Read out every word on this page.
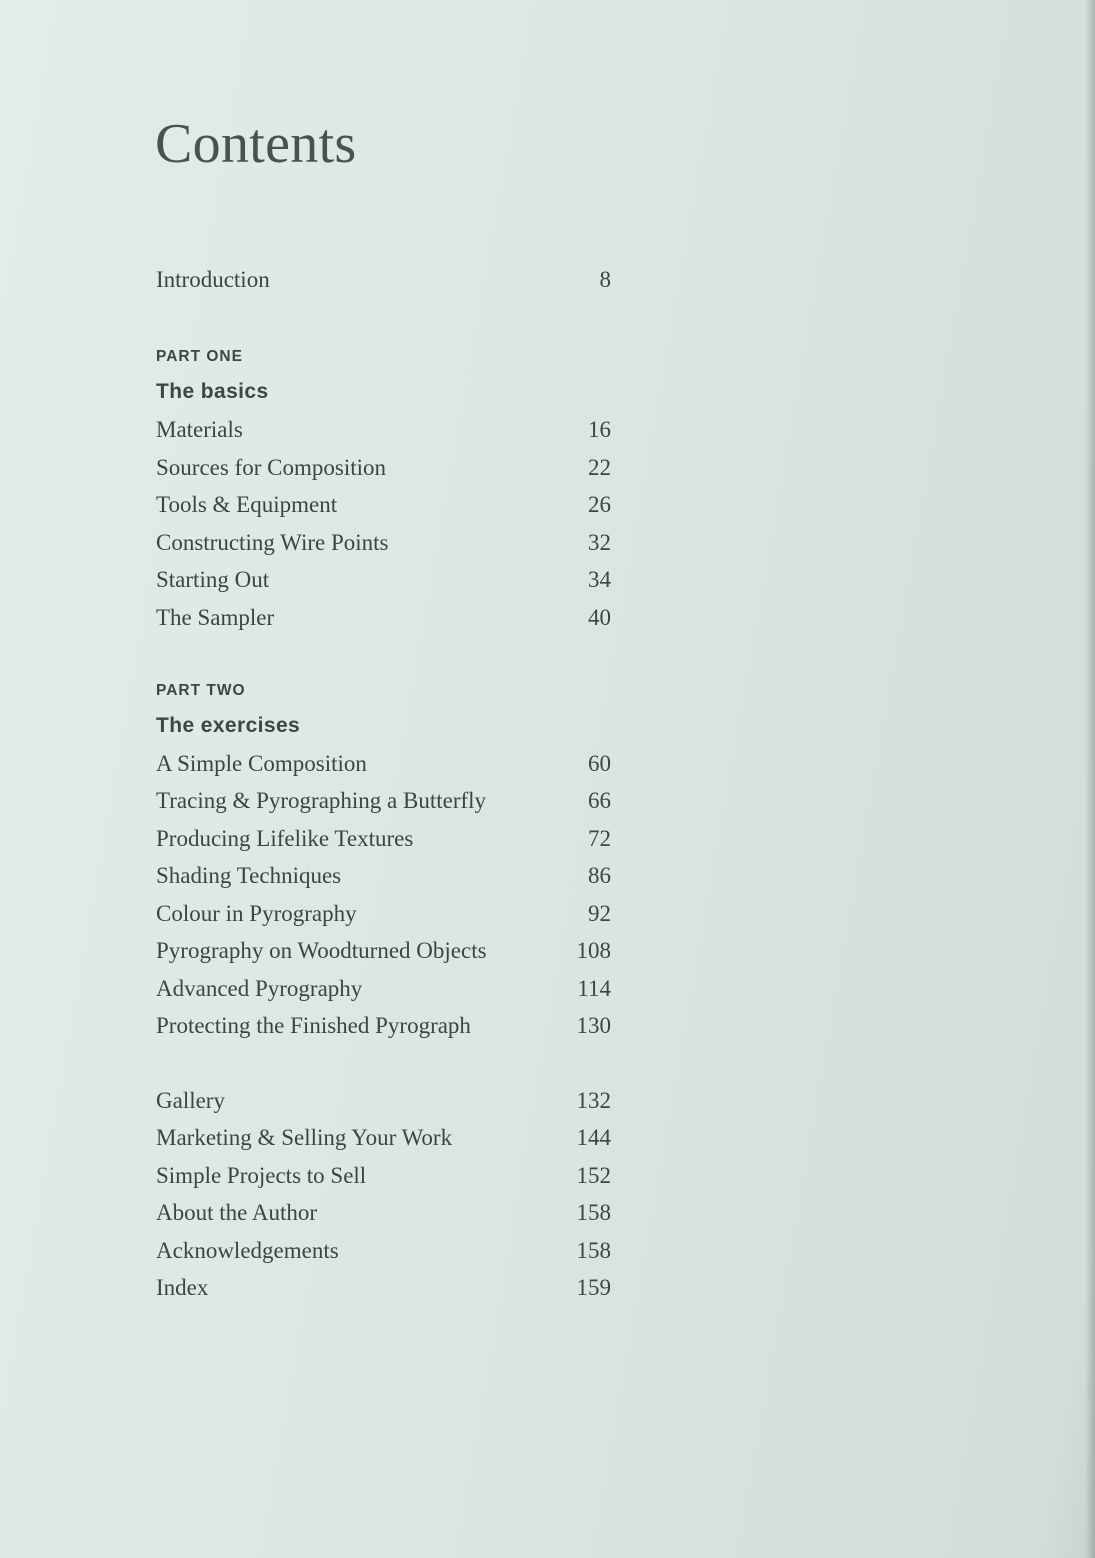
Contents
Introduction	8
PART ONE
The basics
Materials	16
Sources for Composition	22
Tools & Equipment	26
Constructing Wire Points	32
Starting Out	34
The Sampler	40
PART TWO
The exercises
A Simple Composition	60
Tracing & Pyrographing a Butterfly	66
Producing Lifelike Textures	72
Shading Techniques	86
Colour in Pyrography	92
Pyrography on Woodturned Objects	108
Advanced Pyrography	114
Protecting the Finished Pyrograph	130
Gallery	132
Marketing & Selling Your Work	144
Simple Projects to Sell	152
About the Author	158
Acknowledgements	158
Index	159
